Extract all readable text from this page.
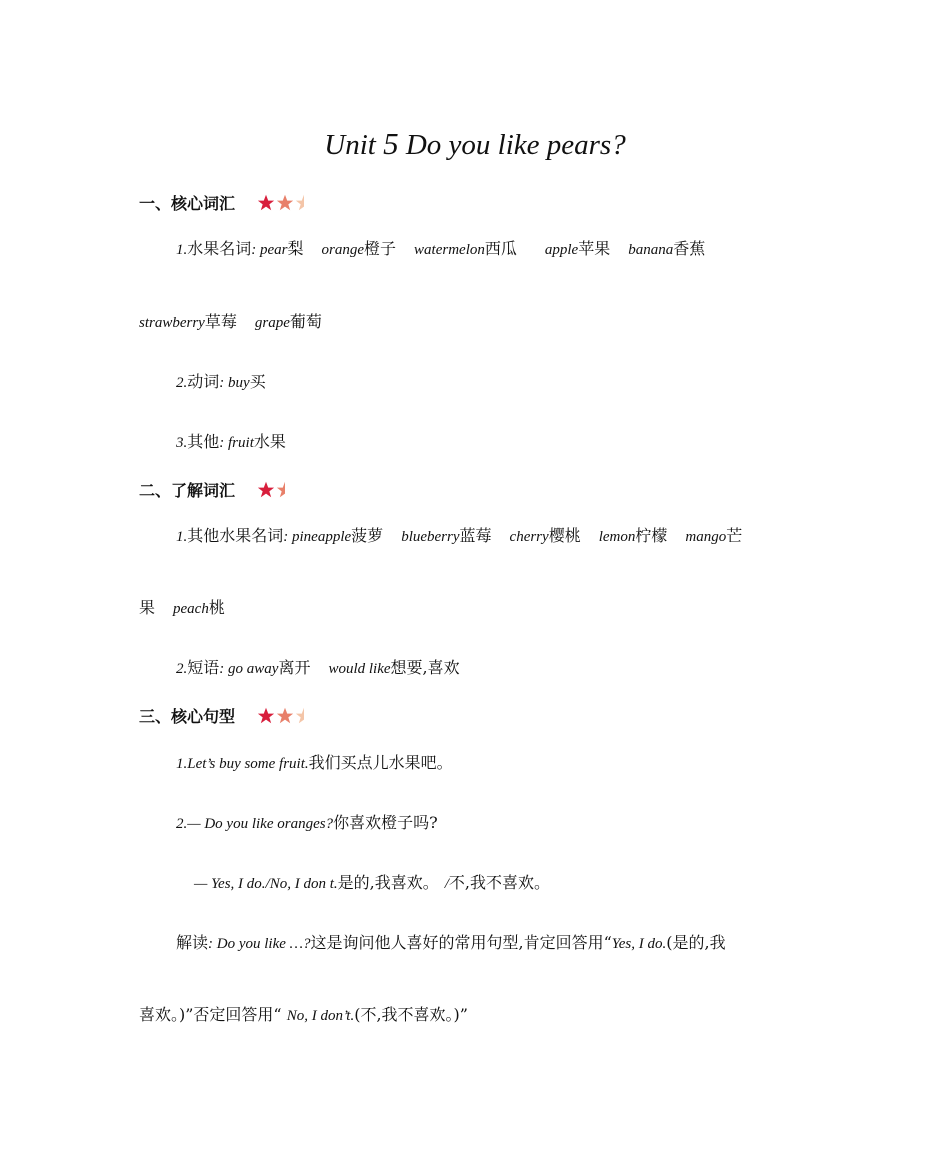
Unit 5 Do you like pears?
一、核心词汇
1.水果名词: pear梨 orange橙子 watermelon西瓜 apple苹果 banana香蕉
strawberry草莓 grape葡萄
2.动词: buy买
3.其他: fruit水果
二、了解词汇
1.其他水果名词: pineapple菠萝 blueberry蓝莓 cherry樱桃 lemon柠檬 mango芒
果 peach桃
2.短语: go away离开 would like想要,喜欢
三、核心句型
1.Let’s buy some fruit.我们买点儿水果吧。
2.— Do you like oranges?你喜欢橙子吗?
— Yes, I do./No, I don t.是的,我喜欢。 /不,我不喜欢。
解读: Do you like …?这是询问他人喜好的常用句型,肯定回答用“Yes, I do.(是的,我
喜欢。)”否定回答用“ No, I don’t.(不,我不喜欢。)”
